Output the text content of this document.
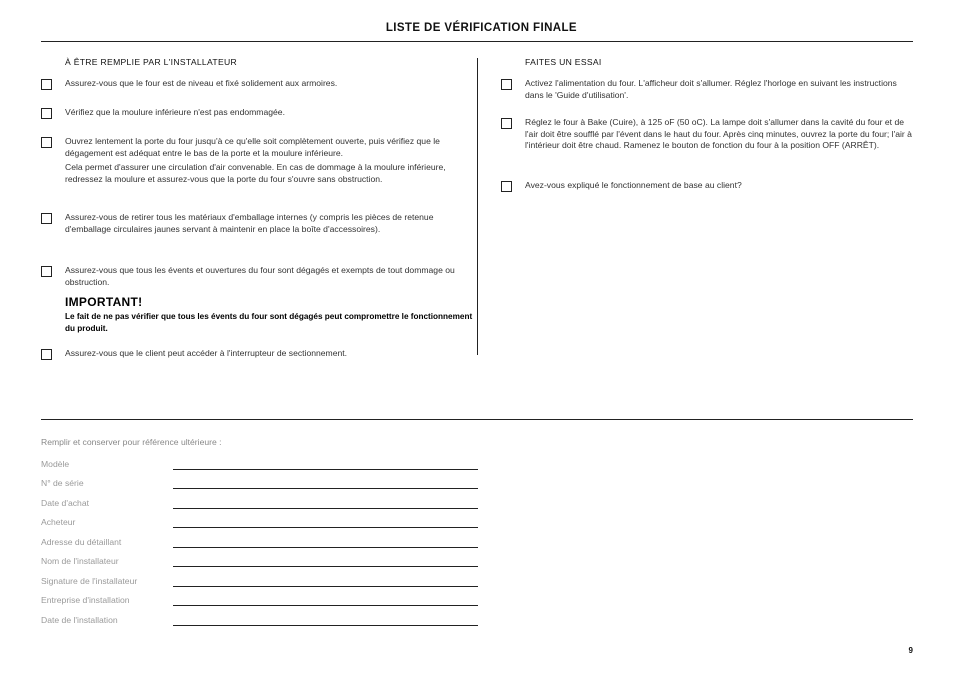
LISTE DE VÉRIFICATION FINALE
À ÊTRE REMPLIE PAR L'INSTALLATEUR

Assurez-vous que le four est de niveau et fixé solidement aux armoires.

Vérifiez que la moulure inférieure n'est pas endommagée.

Ouvrez lentement la porte du four jusqu'à ce qu'elle soit complètement ouverte, puis vérifiez que le dégagement est adéquat entre le bas de la porte et la moulure inférieure.

Cela permet d'assurer une circulation d'air convenable. En cas de dommage à la moulure inférieure, redressez la moulure et assurez-vous que la porte du four s'ouvre sans obstruction.

Assurez-vous de retirer tous les matériaux d'emballage internes (y compris les pièces de retenue d'emballage circulaires jaunes servant à maintenir en place la boîte d'accessoires).

Assurez-vous que tous les évents et ouvertures du four sont dégagés et exempts de tout dommage ou obstruction.

IMPORTANT!
Le fait de ne pas vérifier que tous les évents du four sont dégagés peut compromettre le fonctionnement du produit.

Assurez-vous que le client peut accéder à l'interrupteur de sectionnement.

FAITES UN ESSAI

Activez l'alimentation du four. L'afficheur doit s'allumer. Réglez l'horloge en suivant les instructions dans le 'Guide d'utilisation'.

Réglez le four à Bake (Cuire), à 125 oF (50 oC). La lampe doit s'allumer dans la cavité du four et de l'air doit être soufflé par l'évent dans le haut du four. Après cinq minutes, ouvrez la porte du four; l'air à l'intérieur doit être chaud. Ramenez le bouton de fonction du four à la position OFF (ARRÊT).

Avez-vous expliqué le fonctionnement de base au client?

Remplir et conserver pour référence ultérieure :
Modèle
N° de série
Date d'achat
Acheteur
Adresse du détaillant
Nom de l'installateur
Signature de l'installateur
Entreprise d'installation
Date de l'installation
9
